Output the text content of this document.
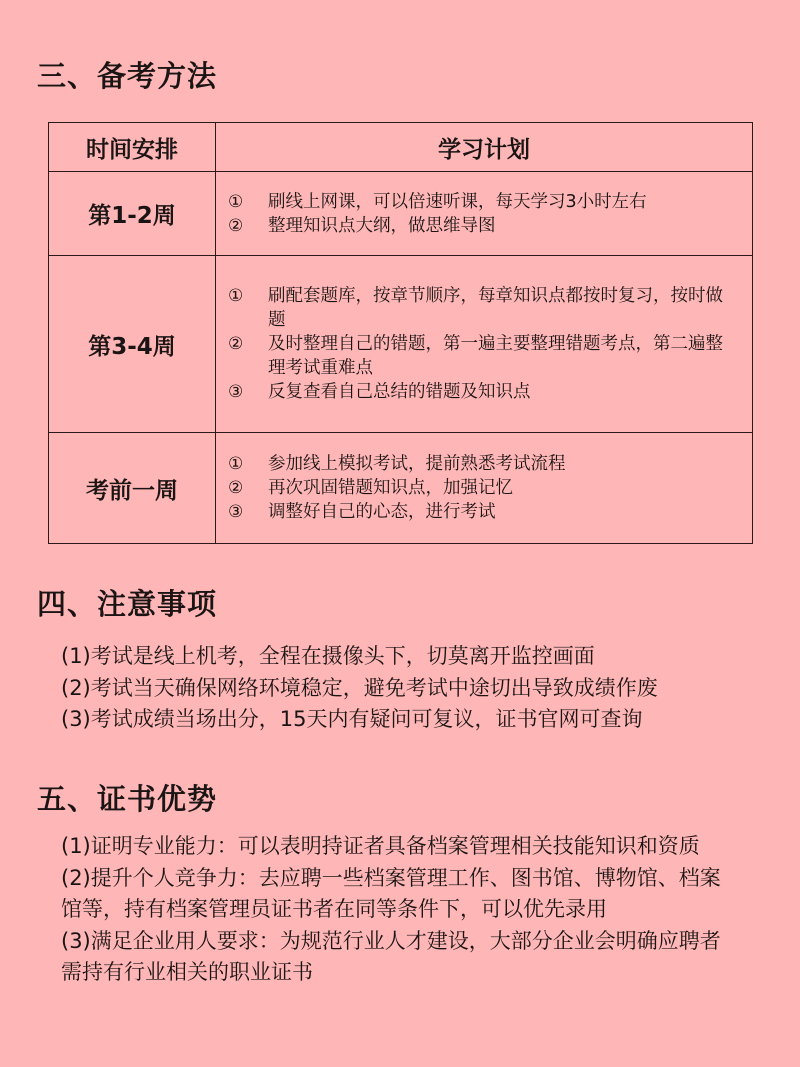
三、备考方法
时间安排	学习计划
第1-2周	
①	刷线上网课，可以倍速听课，每天学习3小时左右
②	整理知识点大纲，做思维导图

第3-4周	
①	刷配套题库，按章节顺序，每章知识点都按时复习，按时做题
②	及时整理自己的错题，第一遍主要整理错题考点，第二遍整理考试重难点
③	反复查看自己总结的错题及知识点

考前一周	
①	参加线上模拟考试，提前熟悉考试流程
②	再次巩固错题知识点，加强记忆
③	调整好自己的心态，进行考试
四、注意事项
(1)考试是线上机考，全程在摄像头下，切莫离开监控画面
(2)考试当天确保网络环境稳定，避免考试中途切出导致成绩作废
(3)考试成绩当场出分，15天内有疑问可复议，证书官网可查询
五、证书优势
(1)证明专业能力：可以表明持证者具备档案管理相关技能知识和资质
(2)提升个人竞争力：去应聘一些档案管理工作、图书馆、博物馆、档案馆等，持有档案管理员证书者在同等条件下，可以优先录用
(3)满足企业用人要求：为规范行业人才建设，大部分企业会明确应聘者需持有行业相关的职业证书
